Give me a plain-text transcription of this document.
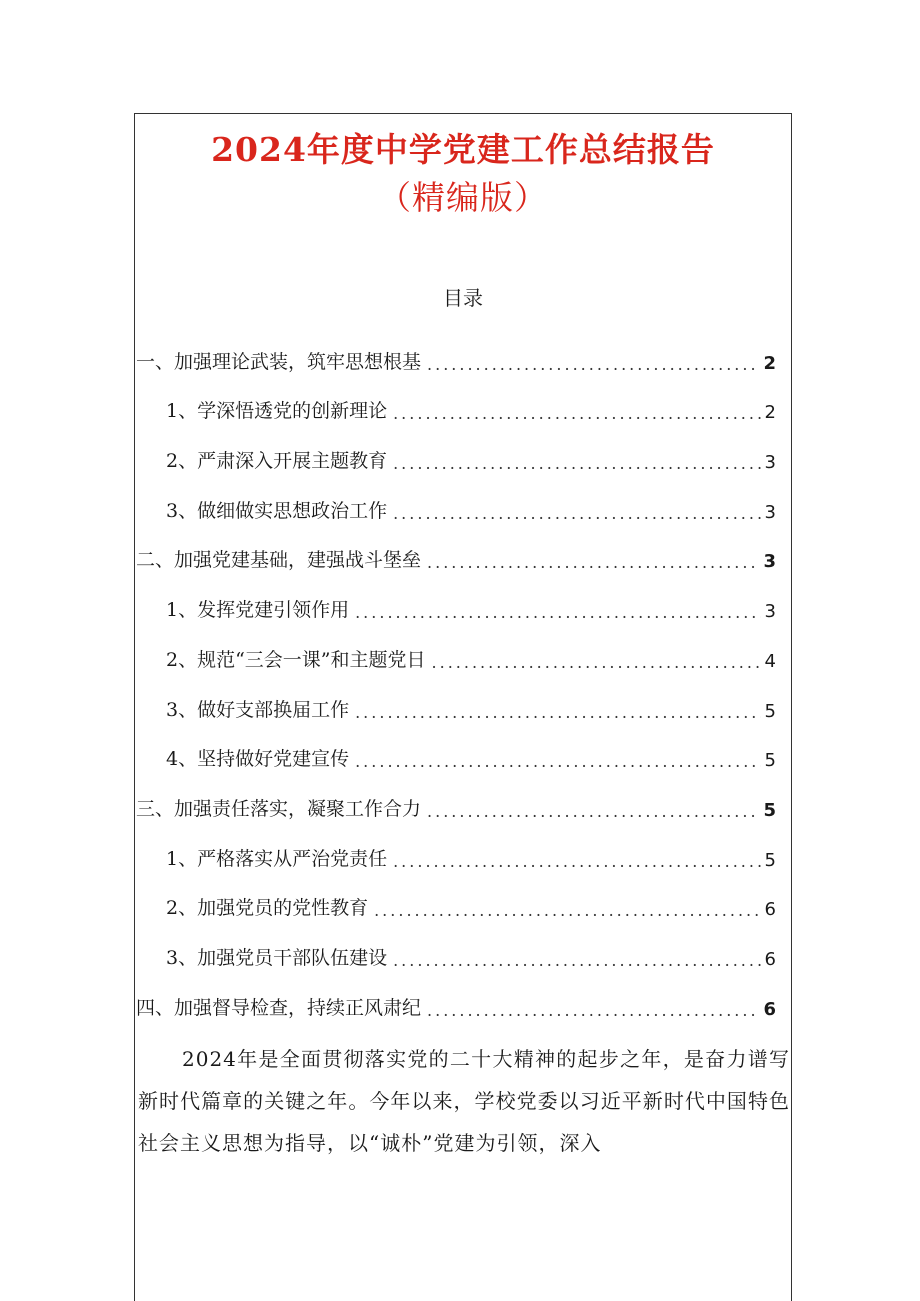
2024年度中学党建工作总结报告
（精编版）
目录
一、加强理论武装，筑牢思想根基 .....	2
1、学深悟透党的创新理论 .....	2
2、严肃深入开展主题教育 .....	3
3、做细做实思想政治工作 .....	3
二、加强党建基础，建强战斗堡垒 .....	3
1、发挥党建引领作用 .....	3
2、规范“三会一课”和主题党日 .....	4
3、做好支部换届工作 .....	5
4、坚持做好党建宣传 .....	5
三、加强责任落实，凝聚工作合力 .....	5
1、严格落实从严治党责任 .....	5
2、加强党员的党性教育 .....	6
3、加强党员干部队伍建设 .....	6
四、加强督导检查，持续正风肃纪 .....	6

2024年是全面贯彻落实党的二十大精神的起步之年，是奋力谱写新时代篇章的关键之年。今年以来，学校党委以习近平新时代中国特色社会主义思想为指导，以“诚朴”党建为引领，深入
